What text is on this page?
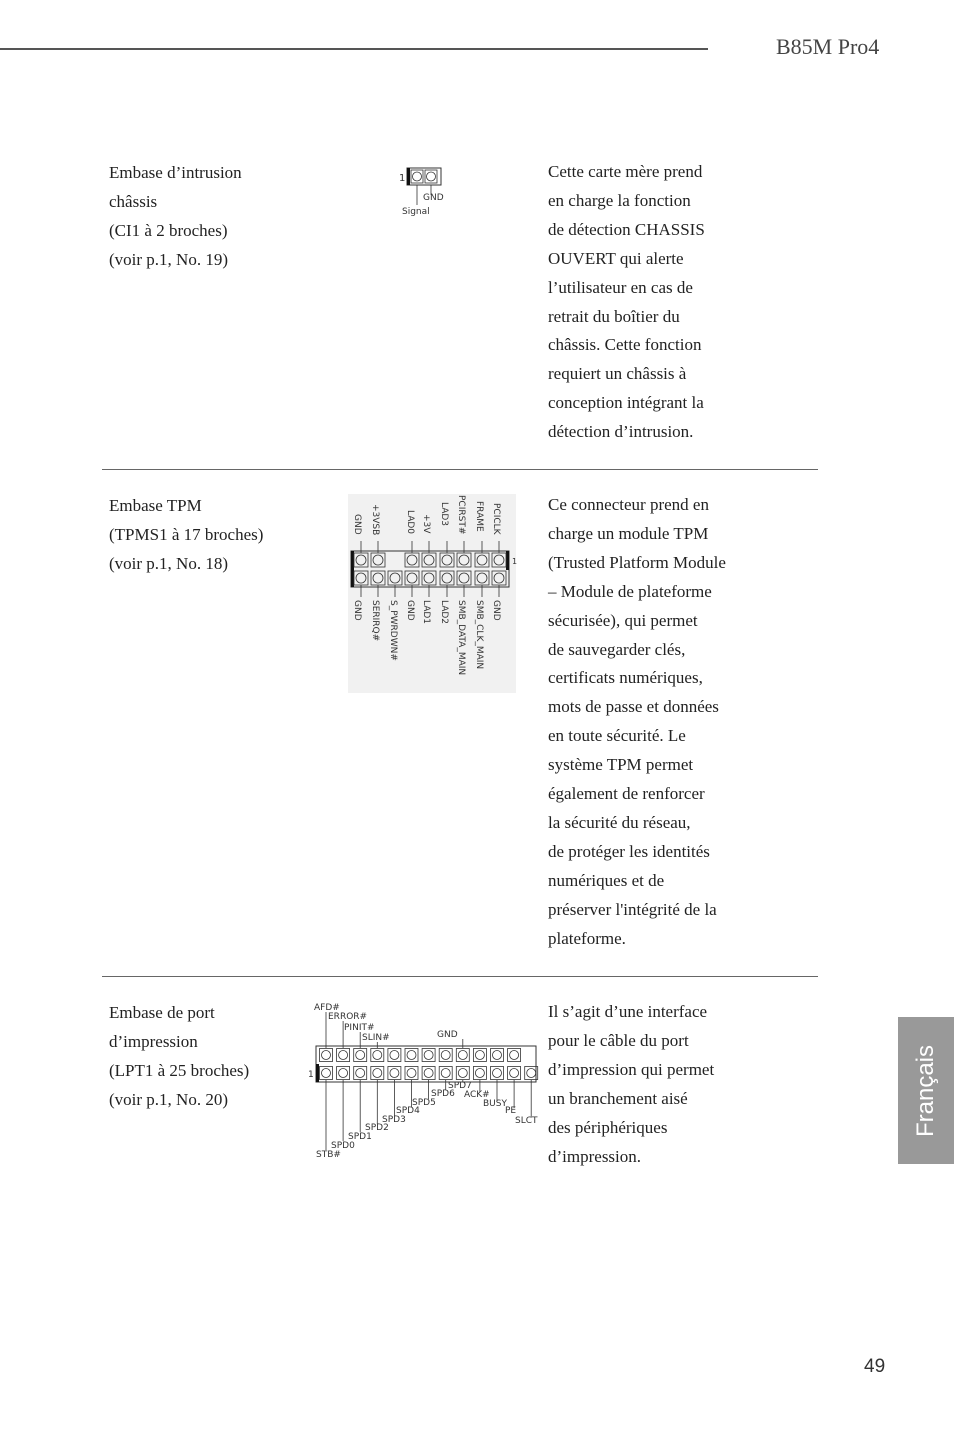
B85M Pro4
Français
49
Embase d’intrusion
châssis
(CI1 à 2 broches)
(voir p.1, No. 19)
1
GND
Signal
Cette carte mère prend
en charge la fonction
de détection CHASSIS
OUVERT qui alerte
l’utilisateur en cas de
retrait du boîtier du
châssis. Cette fonction
requiert un châssis à
conception intégrant la
détection d’intrusion.
Embase TPM
(TPMS1 à 17 broches)
(voir p.1, No. 18)	1
GND +3VSB	LAD0 +3V LAD3 PCIRST# FRAME PCICLK
GND SERIRQ# S_PWRDWN# GND LAD1 LAD2 SMB_DATA_MAIN SMB_CLK_MAIN GND
Ce connecteur prend en
charge un module TPM
(Trusted Platform Module
– Module de plateforme
sécurisée), qui permet
de sauvegarder clés,
certificats numériques,
mots de passe et données
en toute sécurité. Le
système TPM permet
également de renforcer
la sécurité du réseau,
de protéger les identités
numériques et de
préserver l'intégrité de la
plateforme.
Embase de port
d’impression
(LPT1 à 25 broches)
(voir p.1, No. 20)
1
AFD#
ERROR#
PINIT#
SLIN#	GND
STB#
SPD0
SPD1
SPD2
SPD3
SPD4
SPD5
SPD6
SPD7
ACK#
BUSY
PE
SLCT
Il s’agit d’une interface
pour le câble du port
d’impression qui permet
un branchement aisé
des périphériques
d’impression.
